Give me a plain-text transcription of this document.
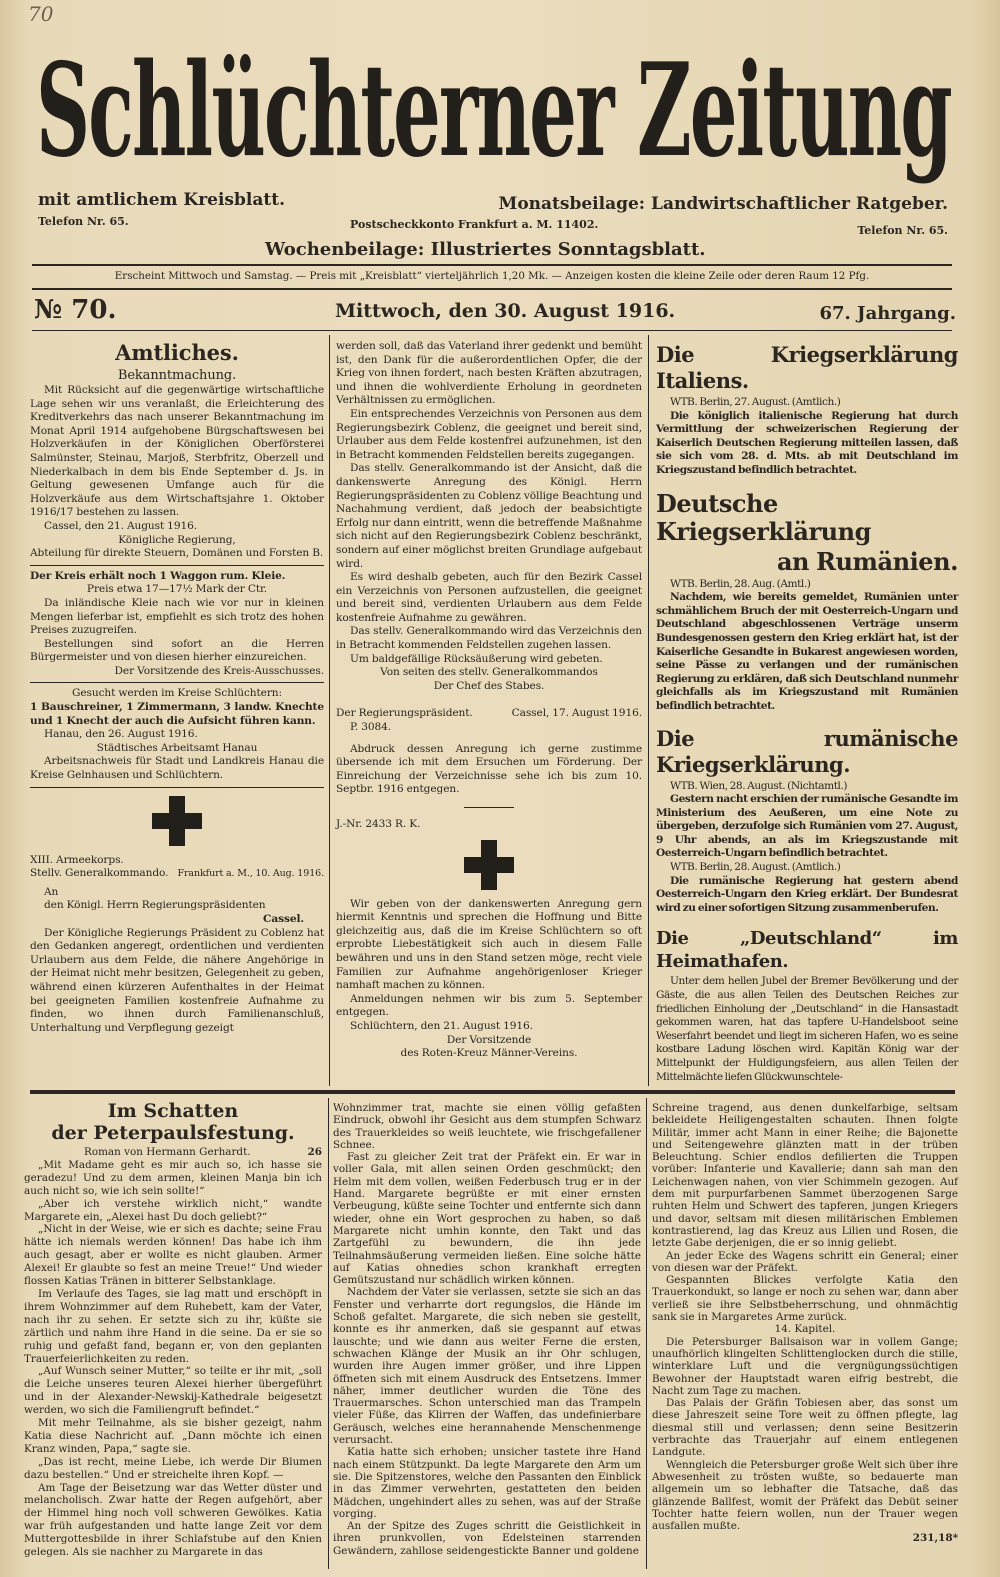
70
Schlüchterner Zeitung
mit amtlichem Kreisblatt.	Monatsbeilage: Landwirtschaftlicher Ratgeber.
Telefon Nr. 65.	Postscheckkonto Frankfurt a. M. 11402.	Telefon Nr. 65.
Wochenbeilage: Illustriertes Sonntagsblatt.
Erscheint Mittwoch und Samstag. — Preis mit „Kreisblatt“ vierteljährlich 1,20 Mk. — Anzeigen kosten die kleine Zeile oder deren Raum 12 Pfg.
№ 70.	Mittwoch, den 30. August 1916.	67. Jahrgang.
Amtliches.

Bekanntmachung.

Mit Rücksicht auf die gegenwärtige wirtschaftliche Lage sehen wir uns veranlaßt, die Erleichterung des Kreditverkehrs das nach unserer Bekanntmachung im Monat April 1914 aufgehobene Bürgschaftswesen bei Holzverkäufen in der Königlichen Oberförsterei Salmünster, Steinau, Marjoß, Sterbfritz, Oberzell und Niederkalbach in dem bis Ende September d. Js. in Geltung gewesenen Umfange auch für die Holzverkäufe aus dem Wirtschaftsjahre 1. Oktober 1916/17 bestehen zu lassen.

Cassel, den 21. August 1916.

Königliche Regierung,

Abteilung für direkte Steuern, Domänen und Forsten B.

Der Kreis erhält noch 1 Waggon rum. Kleie.

Preis etwa 17—17½ Mark der Ctr.

Da inländische Kleie nach wie vor nur in kleinen Mengen lieferbar ist, empfiehlt es sich trotz des hohen Preises zuzugreifen.

Bestellungen sind sofort an die Herren Bürgermeister und von diesen hierher einzureichen.

Der Vorsitzende des Kreis-Ausschusses.

Gesucht werden im Kreise Schlüchtern:

1 Bauschreiner, 1 Zimmermann, 3 landw. Knechte und 1 Knecht der auch die Aufsicht führen kann.

Hanau, den 26. August 1916.

Städtisches Arbeitsamt Hanau

Arbeitsnachweis für Stadt und Landkreis Hanau die Kreise Gelnhausen und Schlüchtern.

XIII. Armeekorps.
Stellv. Generalkommando. Frankfurt a. M., 10. Aug. 1916.

An

den Königl. Herrn Regierungspräsidenten

Cassel.

Der Königliche Regierungs Präsident zu Coblenz hat den Gedanken angeregt, ordentlichen und verdienten Urlaubern aus dem Felde, die nähere Angehörige in der Heimat nicht mehr besitzen, Gelegenheit zu geben, während einen kürzeren Aufenthaltes in der Heimat bei geeigneten Familien kostenfreie Aufnahme zu finden, wo ihnen durch Familienanschluß, Unterhaltung und Verpflegung gezeigt

werden soll, daß das Vaterland ihrer gedenkt und bemüht ist, den Dank für die außerordentlichen Opfer, die der Krieg von ihnen fordert, nach besten Kräften abzutragen, und ihnen die wohlverdiente Erholung in geordneten Verhältnissen zu ermöglichen.

Ein entsprechendes Verzeichnis von Personen aus dem Regierungsbezirk Coblenz, die geeignet und bereit sind, Urlauber aus dem Felde kostenfrei aufzunehmen, ist den in Betracht kommenden Feldstellen bereits zugegangen.

Das stellv. Generalkommando ist der Ansicht, daß die dankenswerte Anregung des Königl. Herrn Regierungspräsidenten zu Coblenz völlige Beachtung und Nachahmung verdient, daß jedoch der beabsichtigte Erfolg nur dann eintritt, wenn die betreffende Maßnahme sich nicht auf den Regierungsbezirk Coblenz beschränkt, sondern auf einer möglichst breiten Grundlage aufgebaut wird.

Es wird deshalb gebeten, auch für den Bezirk Cassel ein Verzeichnis von Personen aufzustellen, die geeignet und bereit sind, verdienten Urlaubern aus dem Felde kostenfreie Aufnahme zu gewähren.

Das stellv. Generalkommando wird das Verzeichnis den in Betracht kommenden Feldstellen zugehen lassen.

Um baldgefällige Rücksäußerung wird gebeten.

Von seiten des stellv. Generalkommandos

Der Chef des Stabes.

Der Regierungspräsident.	Cassel, 17. August 1916.

P. 3084.

Abdruck dessen Anregung ich gerne zustimme übersende ich mit dem Ersuchen um Förderung. Der Einreichung der Verzeichnisse sehe ich bis zum 10. Septbr. 1916 entgegen.

J.-Nr. 2433 R. K.

Wir geben von der dankenswerten Anregung gern hiermit Kenntnis und sprechen die Hoffnung und Bitte gleichzeitig aus, daß die im Kreise Schlüchtern so oft erprobte Liebestätigkeit sich auch in diesem Falle bewähren und uns in den Stand setzen möge, recht viele Familien zur Aufnahme angehörigenloser Krieger namhaft machen zu können.

Anmeldungen nehmen wir bis zum 5. September entgegen.

Schlüchtern, den 21. August 1916.

Der Vorsitzende

des Roten-Kreuz Männer-Vereins.

Die Kriegserklärung Italiens.

WTB. Berlin, 27. August. (Amtlich.)

Die königlich italienische Regierung hat durch Vermittlung der schweizerischen Regierung der Kaiserlich Deutschen Regierung mitteilen lassen, daß sie sich vom 28. d. Mts. ab mit Deutschland im Kriegszustand befindlich betrachtet.

Deutsche Kriegserklärung
an Rumänien.

WTB. Berlin, 28. Aug. (Amtl.)

Nachdem, wie bereits gemeldet, Rumänien unter schmählichem Bruch der mit Oesterreich-Ungarn und Deutschland abgeschlossenen Verträge unserm Bundesgenossen gestern den Krieg erklärt hat, ist der Kaiserliche Gesandte in Bukarest angewiesen worden, seine Pässe zu verlangen und der rumänischen Regierung zu erklären, daß sich Deutschland nunmehr gleichfalls als im Kriegszustand mit Rumänien befindlich betrachtet.

Die rumänische Kriegserklärung.

WTB. Wien, 28. August. (Nichtamtl.)

Gestern nacht erschien der rumänische Gesandte im Ministerium des Aeußeren, um eine Note zu übergeben, derzufolge sich Rumänien vom 27. August, 9 Uhr abends, an als im Kriegszustande mit Oesterreich-Ungarn befindlich betrachtet.

WTB. Berlin, 28. August. (Amtlich.)

Die rumänische Regierung hat gestern abend Oesterreich-Ungarn den Krieg erklärt. Der Bundesrat wird zu einer sofortigen Sitzung zusammenberufen.

Die „Deutschland“ im Heimathafen.

Unter dem hellen Jubel der Bremer Bevölkerung und der Gäste, die aus allen Teilen des Deutschen Reiches zur friedlichen Einholung der „Deutschland“ in die Hansastadt gekommen waren, hat das tapfere U-Handelsboot seine Weserfahrt beendet und liegt im sicheren Hafen, wo es seine kostbare Ladung löschen wird. Kapitän König war der Mittelpunkt der Huldigungsfeiern, aus allen Teilen der Mittelmächte liefen Glückwunschtele-

Im Schatten
der Peterpaulsfestung.
Roman von Hermann Gerhardt.	26

„Mit Madame geht es mir auch so, ich hasse sie geradezu! Und zu dem armen, kleinen Manja bin ich auch nicht so, wie ich sein sollte!“

„Aber ich verstehe wirklich nicht,“ wandte Margarete ein, „Alexei hast Du doch geliebt?“

„Nicht in der Weise, wie er sich es dachte; seine Frau hätte ich niemals werden können! Das habe ich ihm auch gesagt, aber er wollte es nicht glauben. Armer Alexei! Er glaubte so fest an meine Treue!“ Und wieder flossen Katias Tränen in bitterer Selbstanklage.

Im Verlaufe des Tages, sie lag matt und erschöpft in ihrem Wohnzimmer auf dem Ruhebett, kam der Vater, nach ihr zu sehen. Er setzte sich zu ihr, küßte sie zärtlich und nahm ihre Hand in die seine. Da er sie so ruhig und gefaßt fand, begann er, von den geplanten Trauerfeierlichkeiten zu reden.

„Auf Wunsch seiner Mutter,“ so teilte er ihr mit, „soll die Leiche unseres teuren Alexei hierher übergeführt und in der Alexander-Newskij-Kathedrale beigesetzt werden, wo sich die Familiengruft befindet.“

Mit mehr Teilnahme, als sie bisher gezeigt, nahm Katia diese Nachricht auf. „Dann möchte ich einen Kranz winden, Papa,“ sagte sie.

„Das ist recht, meine Liebe, ich werde Dir Blumen dazu bestellen.“ Und er streichelte ihren Kopf. —

Am Tage der Beisetzung war das Wetter düster und melancholisch. Zwar hatte der Regen aufgehört, aber der Himmel hing noch voll schweren Gewölkes. Katia war früh aufgestanden und hatte lange Zeit vor dem Muttergottesbilde in ihrer Schlafstube auf den Knien gelegen. Als sie nachher zu Margarete in das

Wohnzimmer trat, machte sie einen völlig gefaßten Eindruck, obwohl ihr Gesicht aus dem stumpfen Schwarz des Trauerkleides so weiß leuchtete, wie frischgefallener Schnee.

Fast zu gleicher Zeit trat der Präfekt ein. Er war in voller Gala, mit allen seinen Orden geschmückt; den Helm mit dem vollen, weißen Federbusch trug er in der Hand. Margarete begrüßte er mit einer ernsten Verbeugung, küßte seine Tochter und entfernte sich dann wieder, ohne ein Wort gesprochen zu haben, so daß Margarete nicht umhin konnte, den Takt und das Zartgefühl zu bewundern, die ihn jede Teilnahmsäußerung vermeiden ließen. Eine solche hätte auf Katias ohnedies schon krankhaft erregten Gemütszustand nur schädlich wirken können.

Nachdem der Vater sie verlassen, setzte sie sich an das Fenster und verharrte dort regungslos, die Hände im Schoß gefaltet. Margarete, die sich neben sie gestellt, konnte es ihr anmerken, daß sie gespannt auf etwas lauschte; und wie dann aus weiter Ferne die ersten, schwachen Klänge der Musik an ihr Ohr schlugen, wurden ihre Augen immer größer, und ihre Lippen öffneten sich mit einem Ausdruck des Entsetzens. Immer näher, immer deutlicher wurden die Töne des Trauermarsches. Schon unterschied man das Trampeln vieler Füße, das Klirren der Waffen, das undefinierbare Geräusch, welches eine herannahende Menschenmenge verursacht.

Katia hatte sich erhoben; unsicher tastete ihre Hand nach einem Stützpunkt. Da legte Margarete den Arm um sie. Die Spitzenstores, welche den Passanten den Einblick in das Zimmer verwehrten, gestatteten den beiden Mädchen, ungehindert alles zu sehen, was auf der Straße vorging.

An der Spitze des Zuges schritt die Geistlichkeit in ihren prunkvollen, von Edelsteinen starrenden Gewändern, zahllose seidengestickte Banner und goldene

Schreine tragend, aus denen dunkelfarbige, seltsam bekleidete Heiligengestalten schauten. Ihnen folgte Militär, immer acht Mann in einer Reihe; die Bajonette und Seitengewehre glänzten matt in der trüben Beleuchtung. Schier endlos defilierten die Truppen vorüber: Infanterie und Kavallerie; dann sah man den Leichenwagen nahen, von vier Schimmeln gezogen. Auf dem mit purpurfarbenen Sammet überzogenen Sarge ruhten Helm und Schwert des tapferen, jungen Kriegers und davor, seltsam mit diesen militärischen Emblemen kontrastierend, lag das Kreuz aus Lilien und Rosen, die letzte Gabe derjenigen, die er so innig geliebt.

An jeder Ecke des Wagens schritt ein General; einer von diesen war der Präfekt.

Gespannten Blickes verfolgte Katia den Trauerkondukt, so lange er noch zu sehen war, dann aber verließ sie ihre Selbstbeherrschung, und ohnmächtig sank sie in Margaretes Arme zurück.

14. Kapitel.

Die Petersburger Ballsaison war in vollem Gange; unaufhörlich klingelten Schlittenglocken durch die stille, winterklare Luft und die vergnügungssüchtigen Bewohner der Hauptstadt waren eifrig bestrebt, die Nacht zum Tage zu machen.

Das Palais der Gräfin Tobiesen aber, das sonst um diese Jahreszeit seine Tore weit zu öffnen pflegte, lag diesmal still und verlassen; denn seine Besitzerin verbrachte das Trauerjahr auf einem entlegenen Landgute.

Wenngleich die Petersburger große Welt sich über ihre Abwesenheit zu trösten wußte, so bedauerte man allgemein um so lebhafter die Tatsache, daß das glänzende Ballfest, womit der Präfekt das Debüt seiner Tochter hatte feiern wollen, nun der Trauer wegen ausfallen mußte.

231,18*
